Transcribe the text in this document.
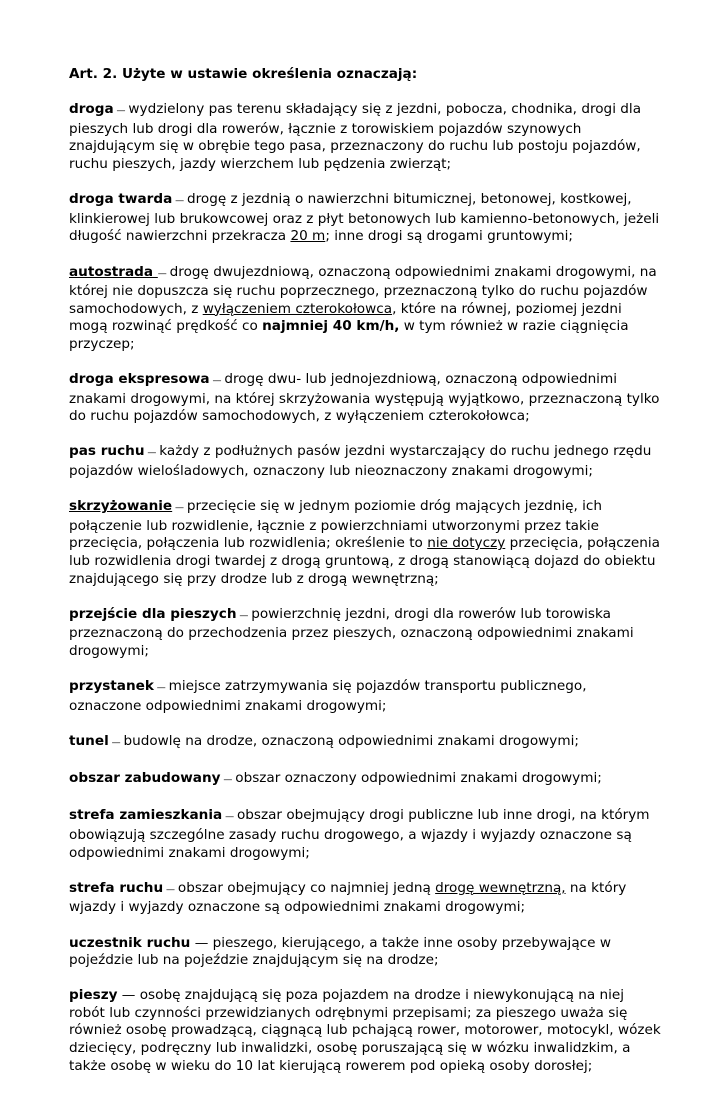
Art. 2. Użyte w ustawie określenia oznaczają:

droga — wydzielony pas terenu składający się z jezdni, pobocza, chodnika, drogi dla pieszych lub drogi dla rowerów, łącznie z torowiskiem pojazdów szynowych znajdującym się w obrębie tego pasa, przeznaczony do ruchu lub postoju pojazdów, ruchu pieszych, jazdy wierzchem lub pędzenia zwierząt;

droga twarda — drogę z jezdnią o nawierzchni bitumicznej, betonowej, kostkowej, klinkierowej lub brukowcowej oraz z płyt betonowych lub kamienno-betonowych, jeżeli długość nawierzchni przekracza 20 m; inne drogi są drogami gruntowymi;

autostrada — drogę dwujezdniową, oznaczoną odpowiednimi znakami drogowymi, na której nie dopuszcza się ruchu poprzecznego, przeznaczoną tylko do ruchu pojazdów samochodowych, z wyłączeniem czterokołowca, które na równej, poziomej jezdni mogą rozwinąć prędkość co najmniej 40 km/h, w tym również w razie ciągnięcia przyczep;

droga ekspresowa — drogę dwu- lub jednojezdniową, oznaczoną odpowiednimi znakami drogowymi, na której skrzyżowania występują wyjątkowo, przeznaczoną tylko do ruchu pojazdów samochodowych, z wyłączeniem czterokołowca;

pas ruchu — każdy z podłużnych pasów jezdni wystarczający do ruchu jednego rzędu pojazdów wielośladowych, oznaczony lub nieoznaczony znakami drogowymi;

skrzyżowanie — przecięcie się w jednym poziomie dróg mających jezdnię, ich połączenie lub rozwidlenie, łącznie z powierzchniami utworzonymi przez takie przecięcia, połączenia lub rozwidlenia; określenie to nie dotyczy przecięcia, połączenia lub rozwidlenia drogi twardej z drogą gruntową, z drogą stanowiącą dojazd do obiektu znajdującego się przy drodze lub z drogą wewnętrzną;

przejście dla pieszych — powierzchnię jezdni, drogi dla rowerów lub torowiska przeznaczoną do przechodzenia przez pieszych, oznaczoną odpowiednimi znakami drogowymi;

przystanek — miejsce zatrzymywania się pojazdów transportu publicznego, oznaczone odpowiednimi znakami drogowymi;

tunel — budowlę na drodze, oznaczoną odpowiednimi znakami drogowymi;

obszar zabudowany — obszar oznaczony odpowiednimi znakami drogowymi;

strefa zamieszkania — obszar obejmujący drogi publiczne lub inne drogi, na którym obowiązują szczególne zasady ruchu drogowego, a wjazdy i wyjazdy oznaczone są odpowiednimi znakami drogowymi;

strefa ruchu — obszar obejmujący co najmniej jedną drogę wewnętrzną, na który wjazdy i wyjazdy oznaczone są odpowiednimi znakami drogowymi;

uczestnik ruchu — pieszego, kierującego, a także inne osoby przebywające w pojeździe lub na pojeździe znajdującym się na drodze;

pieszy — osobę znajdującą się poza pojazdem na drodze i niewykonującą na niej robót lub czynności przewidzianych odrębnymi przepisami; za pieszego uważa się również osobę prowadzącą, ciągnącą lub pchającą rower, motorower, motocykl, wózek dziecięcy, podręczny lub inwalidzki, osobę poruszającą się w wózku inwalidzkim, a także osobę w wieku do 10 lat kierującą rowerem pod opieką osoby dorosłej;
